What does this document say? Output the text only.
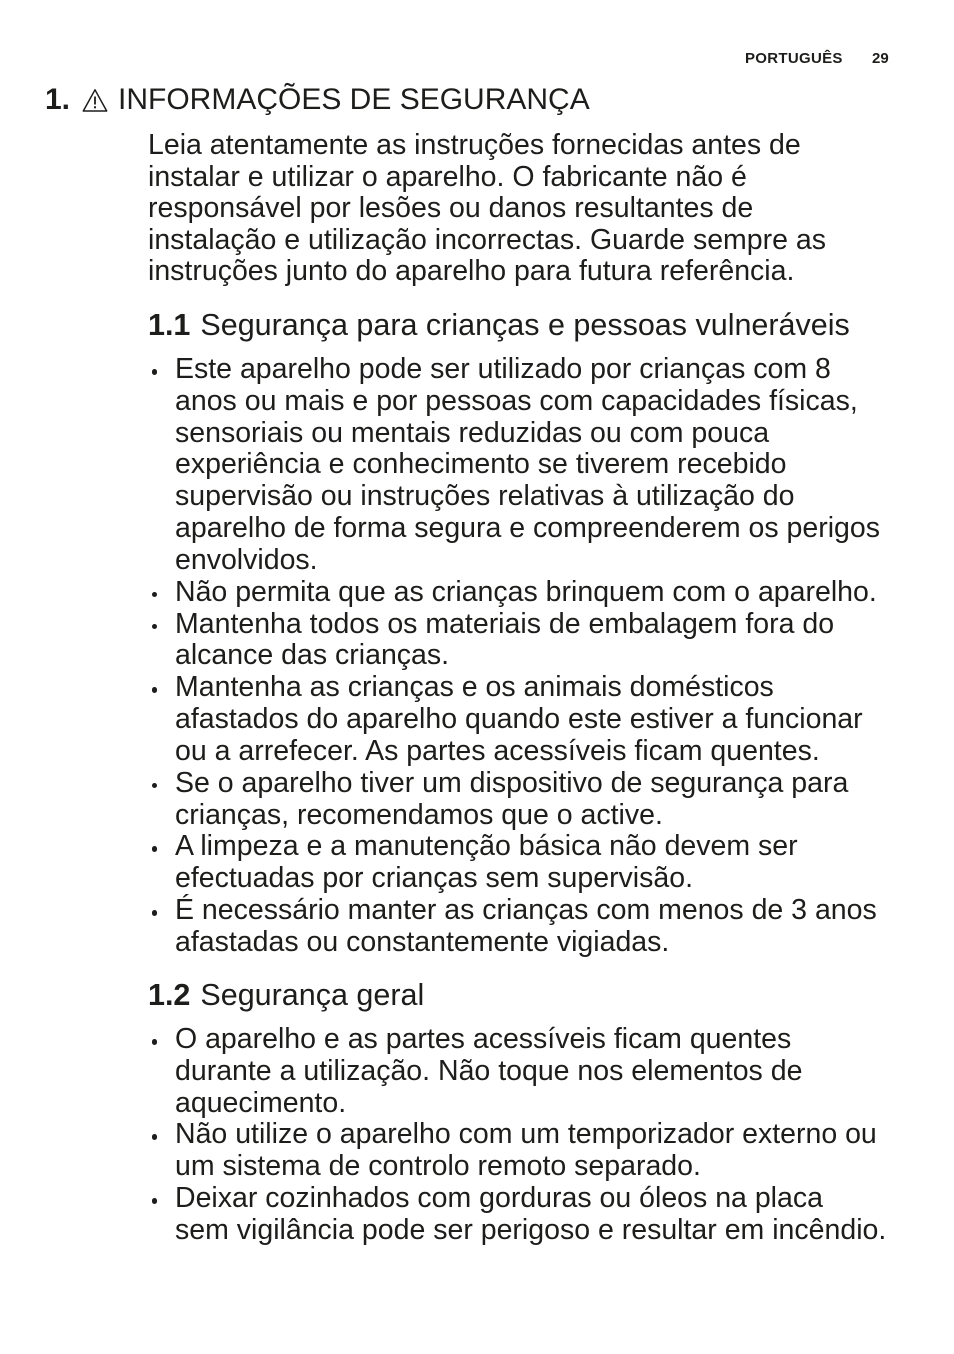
PORTUGUÊS 29
1.	INFORMAÇÕES DE SEGURANÇA
Leia atentamente as instruções fornecidas antes de
instalar e utilizar o aparelho. O fabricante não é
responsável por lesões ou danos resultantes de
instalação e utilização incorrectas. Guarde sempre as
instruções junto do aparelho para futura referência.
1.1 Segurança para crianças e pessoas vulneráveis
Este aparelho pode ser utilizado por crianças com 8
anos ou mais e por pessoas com capacidades físicas,
sensoriais ou mentais reduzidas ou com pouca
experiência e conhecimento se tiverem recebido
supervisão ou instruções relativas à utilização do
aparelho de forma segura e compreenderem os perigos
envolvidos.
Não permita que as crianças brinquem com o aparelho.
Mantenha todos os materiais de embalagem fora do
alcance das crianças.
Mantenha as crianças e os animais domésticos
afastados do aparelho quando este estiver a funcionar
ou a arrefecer. As partes acessíveis ficam quentes.
Se o aparelho tiver um dispositivo de segurança para
crianças, recomendamos que o active.
A limpeza e a manutenção básica não devem ser
efectuadas por crianças sem supervisão.
É necessário manter as crianças com menos de 3 anos
afastadas ou constantemente vigiadas.
1.2 Segurança geral
O aparelho e as partes acessíveis ficam quentes
durante a utilização. Não toque nos elementos de
aquecimento.
Não utilize o aparelho com um temporizador externo ou
um sistema de controlo remoto separado.
Deixar cozinhados com gorduras ou óleos na placa
sem vigilância pode ser perigoso e resultar em incêndio.
